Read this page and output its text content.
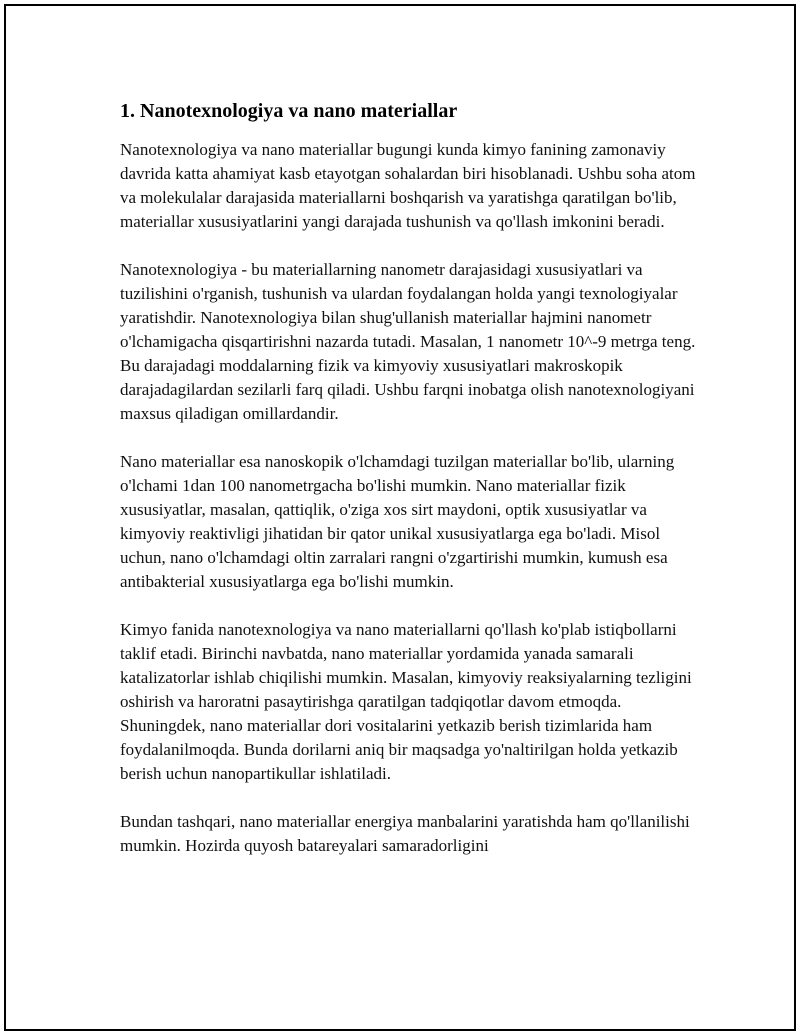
1. Nanotexnologiya va nano materiallar

Nanotexnologiya va nano materiallar bugungi kunda kimyo fanining zamonaviy davrida katta ahamiyat kasb etayotgan sohalardan biri hisoblanadi. Ushbu soha atom va molekulalar darajasida materiallarni boshqarish va yaratishga qaratilgan bo'lib, materiallar xususiyatlarini yangi darajada tushunish va qo'llash imkonini beradi.

Nanotexnologiya - bu materiallarning nanometr darajasidagi xususiyatlari va tuzilishini o'rganish, tushunish va ulardan foydalangan holda yangi texnologiyalar yaratishdir. Nanotexnologiya bilan shug'ullanish materiallar hajmini nanometr o'lchamigacha qisqartirishni nazarda tutadi. Masalan, 1 nanometr 10^-9 metrga teng. Bu darajadagi moddalarning fizik va kimyoviy xususiyatlari makroskopik darajadagilardan sezilarli farq qiladi. Ushbu farqni inobatga olish nanotexnologiyani maxsus qiladigan omillardandir.

Nano materiallar esa nanoskopik o'lchamdagi tuzilgan materiallar bo'lib, ularning o'lchami 1dan 100 nanometrgacha bo'lishi mumkin. Nano materiallar fizik xususiyatlar, masalan, qattiqlik, o'ziga xos sirt maydoni, optik xususiyatlar va kimyoviy reaktivligi jihatidan bir qator unikal xususiyatlarga ega bo'ladi. Misol uchun, nano o'lchamdagi oltin zarralari rangni o'zgartirishi mumkin, kumush esa antibakterial xususiyatlarga ega bo'lishi mumkin.

Kimyo fanida nanotexnologiya va nano materiallarni qo'llash ko'plab istiqbollarni taklif etadi. Birinchi navbatda, nano materiallar yordamida yanada samarali katalizatorlar ishlab chiqilishi mumkin. Masalan, kimyoviy reaksiyalarning tezligini oshirish va haroratni pasaytirishga qaratilgan tadqiqotlar davom etmoqda. Shuningdek, nano materiallar dori vositalarini yetkazib berish tizimlarida ham foydalanilmoqda. Bunda dorilarni aniq bir maqsadga yo'naltirilgan holda yetkazib berish uchun nanopartikullar ishlatiladi.

Bundan tashqari, nano materiallar energiya manbalarini yaratishda ham qo'llanilishi mumkin. Hozirda quyosh batareyalari samaradorligini
